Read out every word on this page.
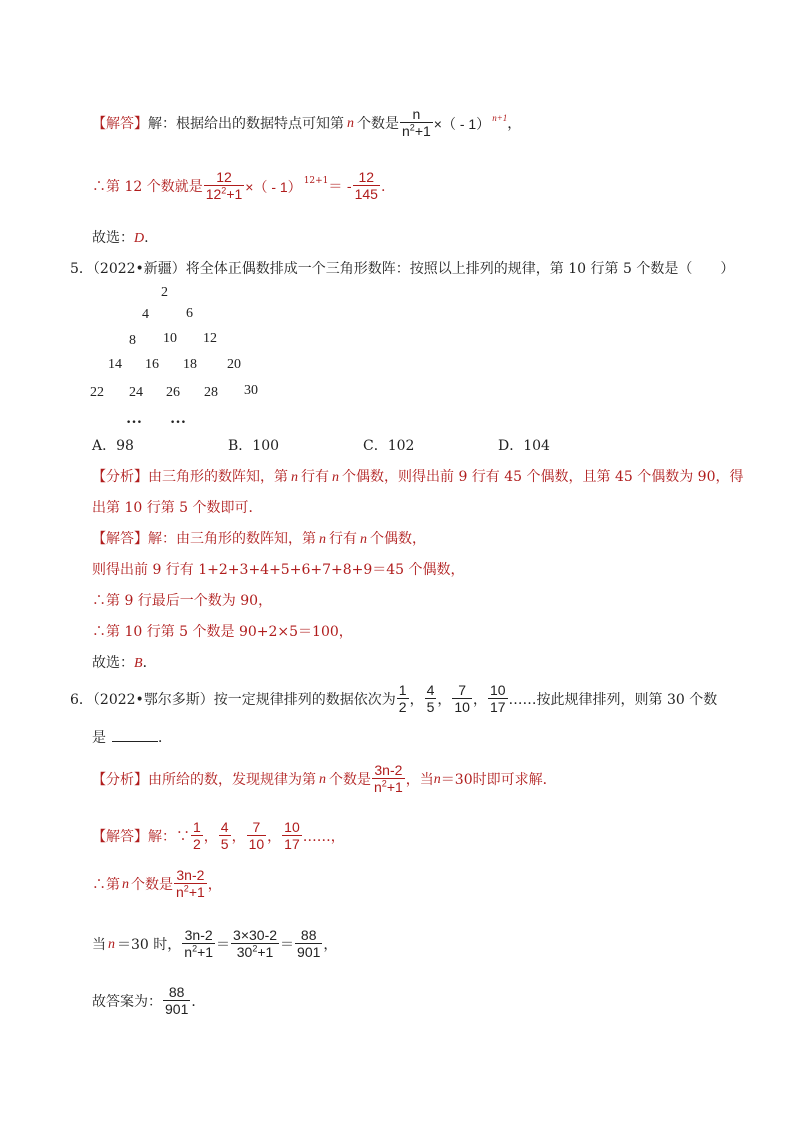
【解答】 解：根据给出的数据特点可知第 n 个数是 $\frac{n}{n^2+1}$ ×（ - 1）$^{n+1}$ ，
∴第 12 个数就是 $\frac{12}{12^2+1}$ ×（ - 1）$^{12+1}$ ＝ - $\frac{12}{145}$ .
故选：D.
5．（2022•新疆）将全体正偶数排成一个三角形数阵：按照以上排列的规律，第 10 行第 5 个数是（　　）
2
4	6
8 10 12
14 16 18 20
22 24 26 28 30
… …
A．98	B．100	C．102	D．104
【分析】由三角形的数阵知，第 n 行有 n 个偶数，则得出前 9 行有 45 个偶数，且第 45 个偶数为 90，得
出第 10 行第 5 个数即可．
【解答】解：由三角形的数阵知，第 n 行有 n 个偶数，
则得出前 9 行有 1+2+3+4+5+6+7+8+9＝45 个偶数，
∴第 9 行最后一个数为 90，
∴第 10 行第 5 个数是 90+2×5＝100，
故选：B．
6．（2022•鄂尔多斯）按一定规律排列的数据依次为 $\frac{1}{2}$ ， $\frac{4}{5}$ ， $\frac{7}{10}$ ， $\frac{10}{17}$ ……按此规律排列，则第 30 个数
是	．
【分析】 由所给的数，发现规律为第 n 个数是 $\frac{3n-2}{n^2+1}$ ，当 n ＝30时即可求解．
【解答】 解：∵ $\frac{1}{2}$ ， $\frac{4}{5}$ ， $\frac{7}{10}$ ， $\frac{10}{17}$ ……，
∴第 n 个数是 $\frac{3n-2}{n^2+1}$ ，
当 n ＝30 时， $\frac{3n-2}{n^2+1} = \frac{3\times 30-2}{30^2+1} = \frac{88}{901}$ ，
故答案为： $\frac{88}{901}$ ．
